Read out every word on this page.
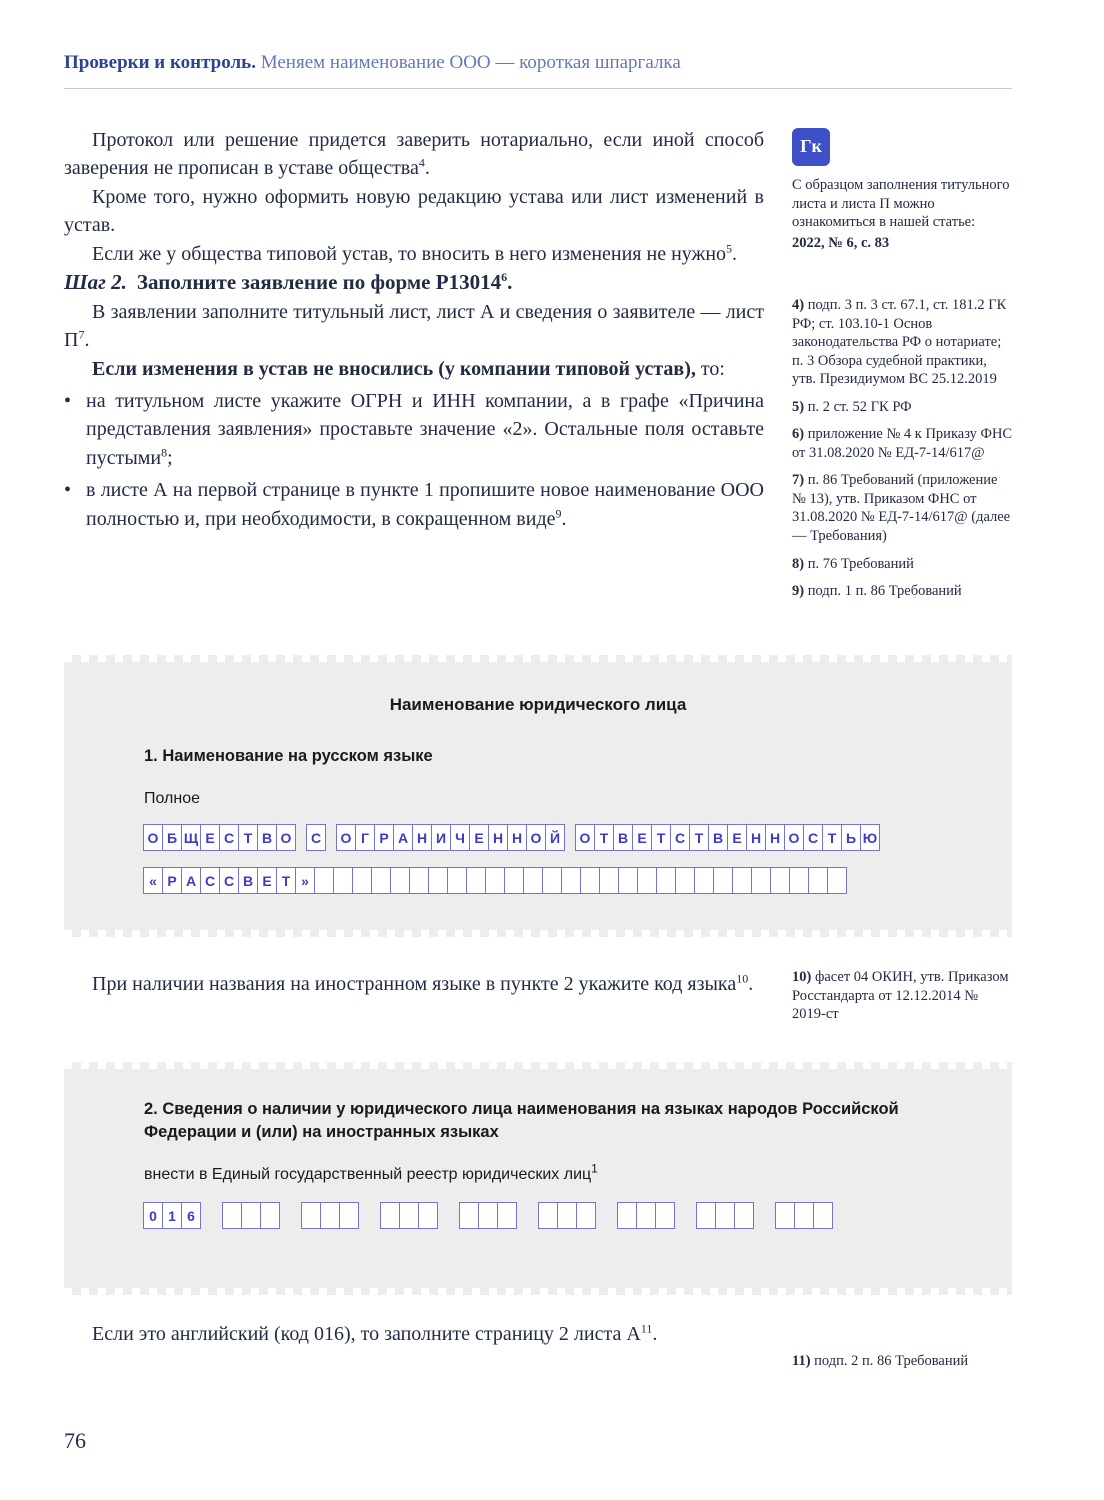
Проверки и контроль. Меняем наименование ООО — короткая шпаргалка

Протокол или решение придется заверить нотариально, если иной способ заверения не прописан в уставе общества$^4$.

Кроме того, нужно оформить новую редакцию устава или лист изменений в устав.

Если же у общества типовой устав, то вносить в него изменения не нужно$^5$.

Шаг 2. Заполните заявление по форме Р13014$^6$.

В заявлении заполните титульный лист, лист А и сведения о заявителе — лист $П^7$.

Если изменения в устав не вносились (у компании типовой устав), то:

• на титульном листе укажите ОГРН и ИНН компании, а в графе «Причина представления заявления» проставьте значение «2». Остальные поля оставьте пустыми$^8$;
• в листе А на первой странице в пункте 1 пропишите новое наименование ООО полностью и, при необходимости, в сокращенном виде$^9$.
Гк
С образцом заполнения титульного листа и листа П можно ознакомиться в нашей статье:
2022, № 6, с. 83

4) подп. 3 п. 3 ст. 67.1, ст. 181.2 ГК РФ; ст. 103.10-1 Основ законодательства РФ о нотариате; п. 3 Обзора судебной практики, утв. Президиумом ВС 25.12.2019

5) п. 2 ст. 52 ГК РФ

6) приложение № 4 к Приказу ФНС от 31.08.2020 № ЕД-7-14/617@

7) п. 86 Требований (приложение № 13), утв. Приказом ФНС от 31.08.2020 № ЕД-7-14/617@ (далее — Требования)

8) п. 76 Требований

9) подп. 1 п. 86 Требований

Наименование юридического лица
1. Наименование на русском языке
Полное
О Б Щ Е С Т В О	С	О Г Р А Н И Ч Е Н Н О Й	О Т В Е Т С Т В Е Н Н О С Т Ь Ю
« Р А С С В Е Т »

При наличии названия на иностранном языке в пункте 2 укажите код языка$^{10}$.	10) фасет 04 ОКИН, утв. Приказом Росстандарта от 12.12.2014 № 2019-ст

2. Сведения о наличии у юридического лица наименования на языках народов Российской Федерации и (или) на иностранных языках
внести в Единый государственный реестр юридических лиц$^1$
0 1 6

Если это английский (код 016), то заполните страницу 2 листа $А^{11}$.

11) подп. 2 п. 86 Требований

76
